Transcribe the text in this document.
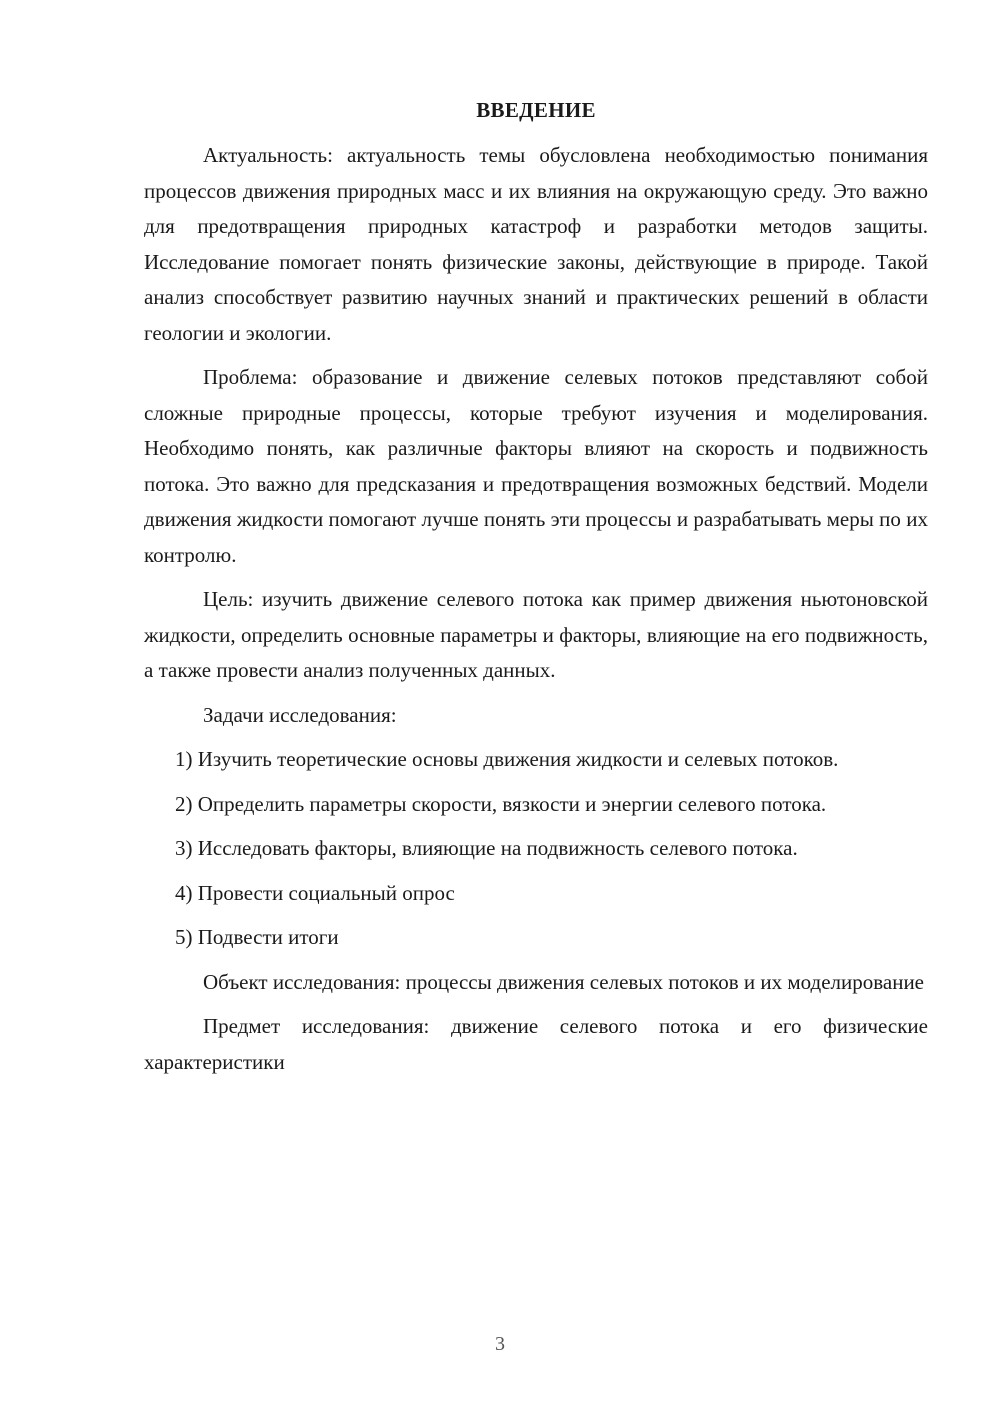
ВВЕДЕНИЕ

Актуальность: актуальность темы обусловлена необходимостью понимания процессов движения природных масс и их влияния на окружающую среду. Это важно для предотвращения природных катастроф и разработки методов защиты. Исследование помогает понять физические законы, действующие в природе. Такой анализ способствует развитию научных знаний и практических решений в области геологии и экологии.

Проблема: образование и движение селевых потоков представляют собой сложные природные процессы, которые требуют изучения и моделирования. Необходимо понять, как различные факторы влияют на скорость и подвижность потока. Это важно для предсказания и предотвращения возможных бедствий. Модели движения жидкости помогают лучше понять эти процессы и разрабатывать меры по их контролю.

Цель: изучить движение селевого потока как пример движения ньютоновской жидкости, определить основные параметры и факторы, влияющие на его подвижность, а также провести анализ полученных данных.

Задачи исследования:

1) Изучить теоретические основы движения жидкости и селевых потоков.

2) Определить параметры скорости, вязкости и энергии селевого потока.

3) Исследовать факторы, влияющие на подвижность селевого потока.

4) Провести социальный опрос

5) Подвести итоги

Объект исследования: процессы движения селевых потоков и их моделирование

Предмет исследования: движение селевого потока и его физические характеристики

3
